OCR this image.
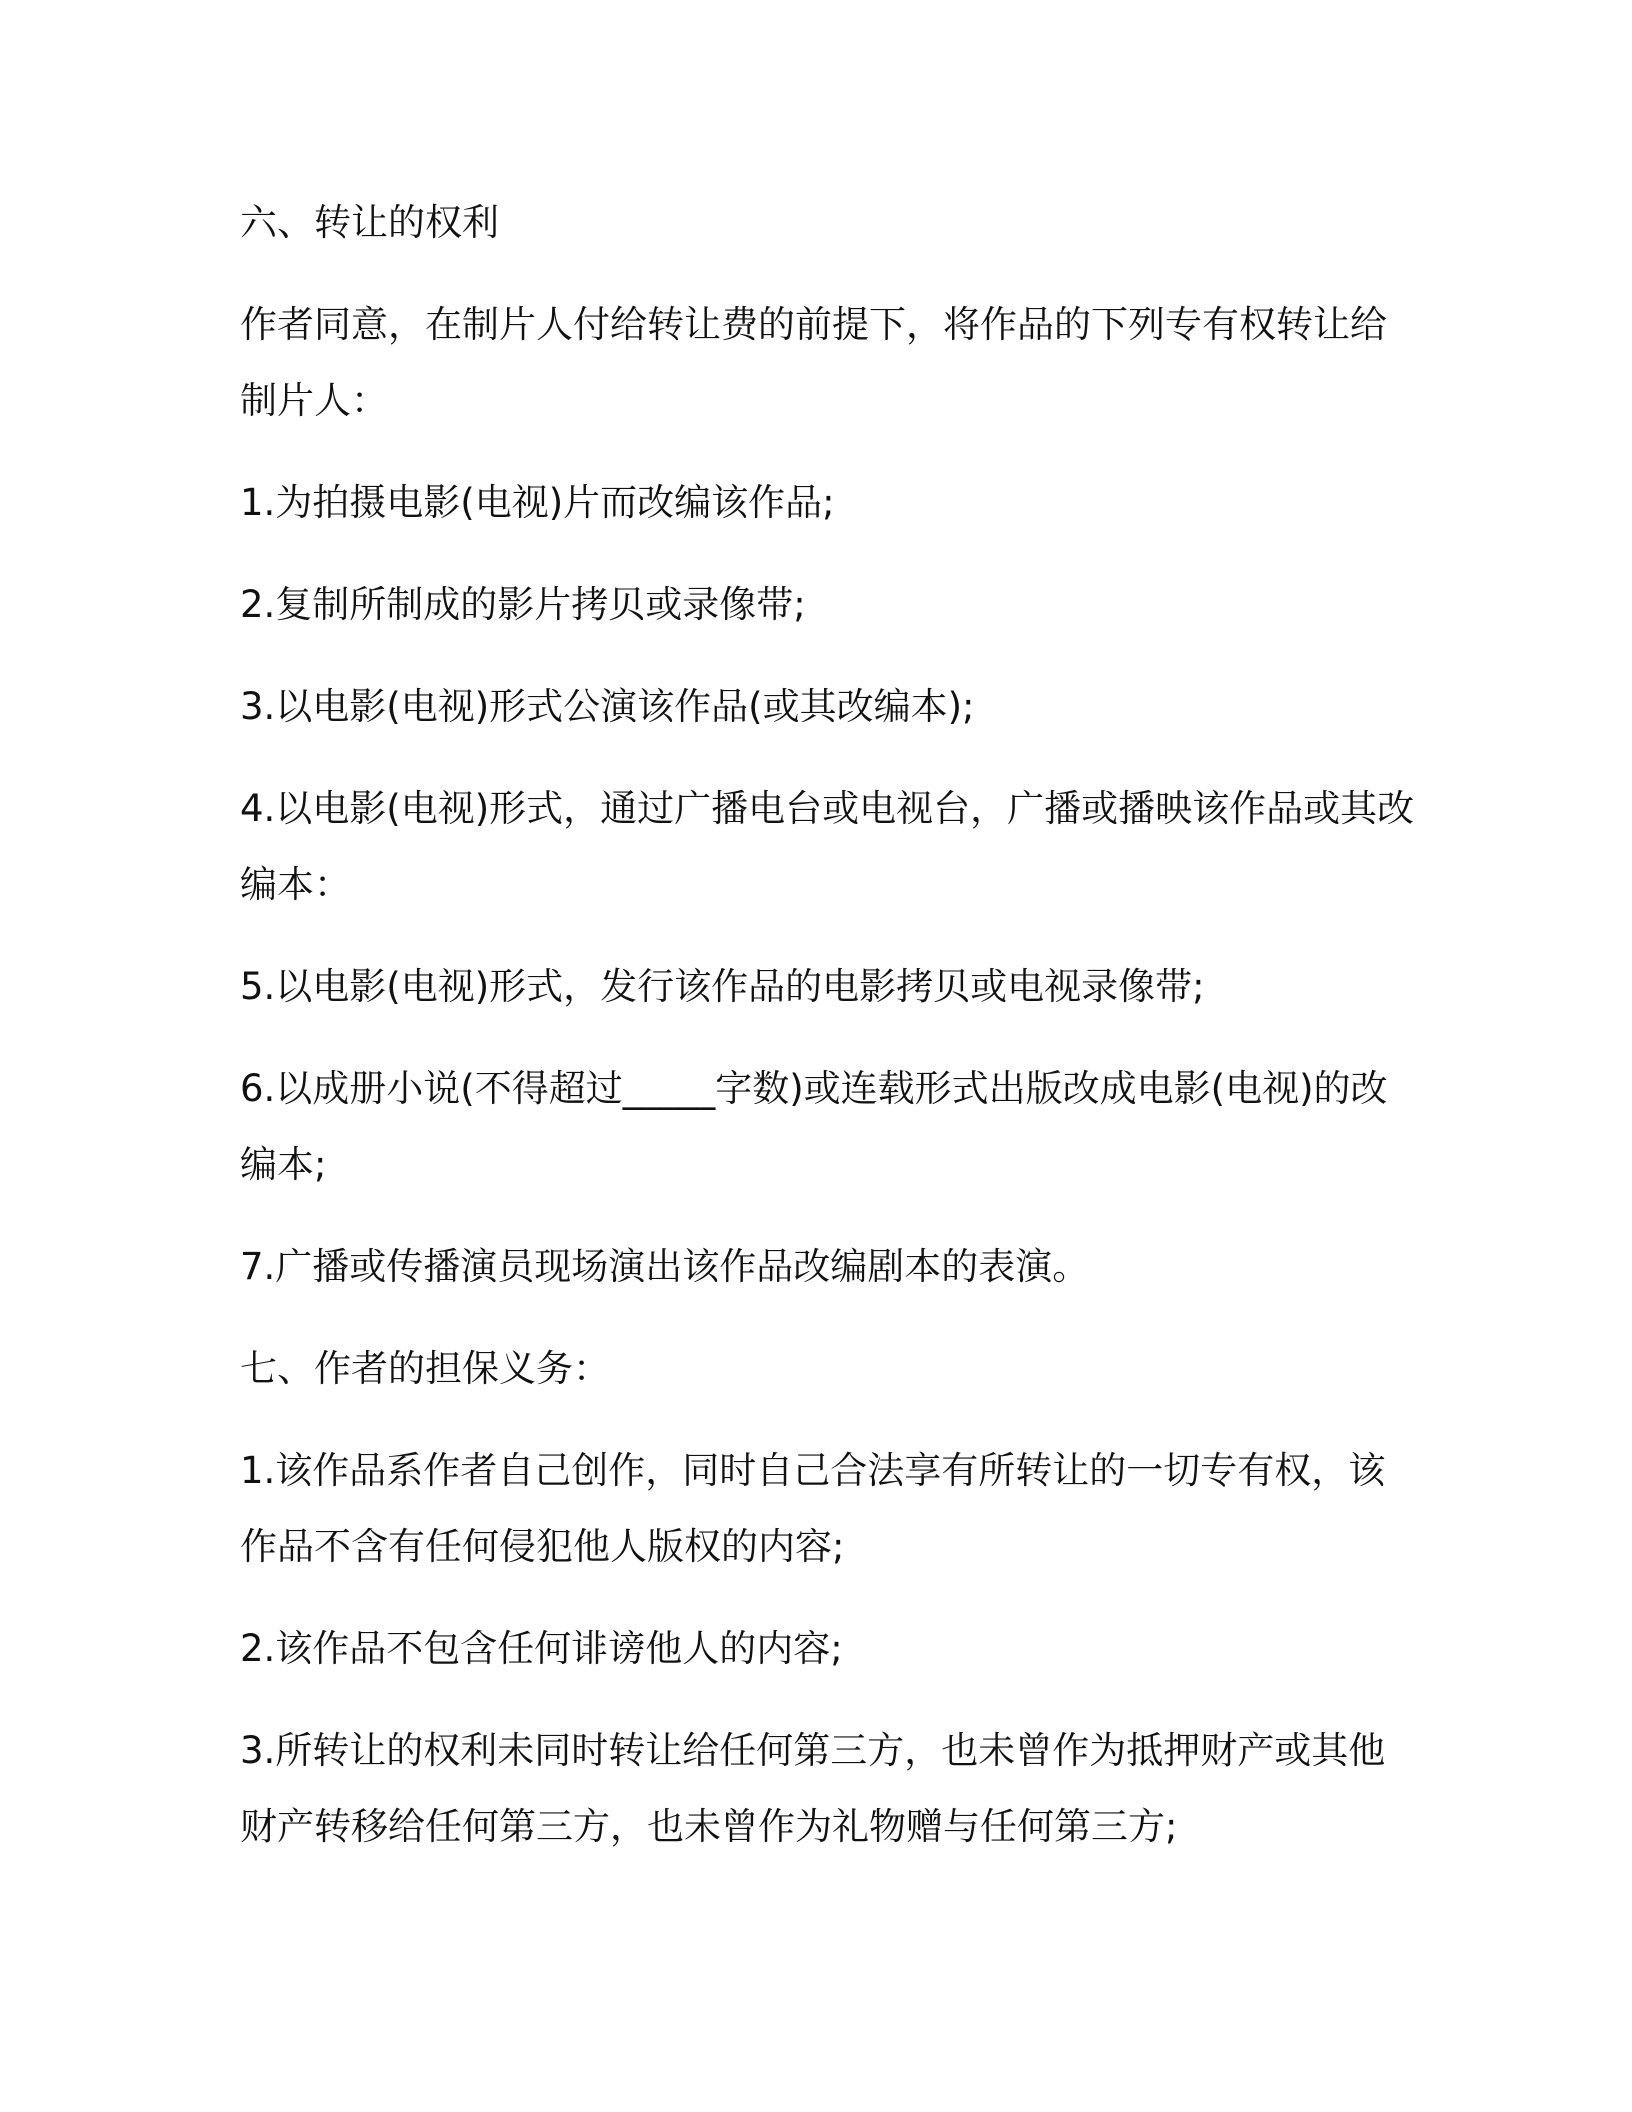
六、转让的权利

作者同意，在制片人付给转让费的前提下，将作品的下列专有权转让给制片人：

1.为拍摄电影(电视)片而改编该作品;

2.复制所制成的影片拷贝或录像带;

3.以电影(电视)形式公演该作品(或其改编本);

4.以电影(电视)形式，通过广播电台或电视台，广播或播映该作品或其改编本：

5.以电影(电视)形式，发行该作品的电影拷贝或电视录像带;

6.以成册小说(不得超过_____字数)或连载形式出版改成电影(电视)的改编本;

7.广播或传播演员现场演出该作品改编剧本的表演。

七、作者的担保义务：

1.该作品系作者自己创作，同时自己合法享有所转让的一切专有权，该作品不含有任何侵犯他人版权的内容;

2.该作品不包含任何诽谤他人的内容;

3.所转让的权利未同时转让给任何第三方，也未曾作为抵押财产或其他财产转移给任何第三方，也未曾作为礼物赠与任何第三方;
